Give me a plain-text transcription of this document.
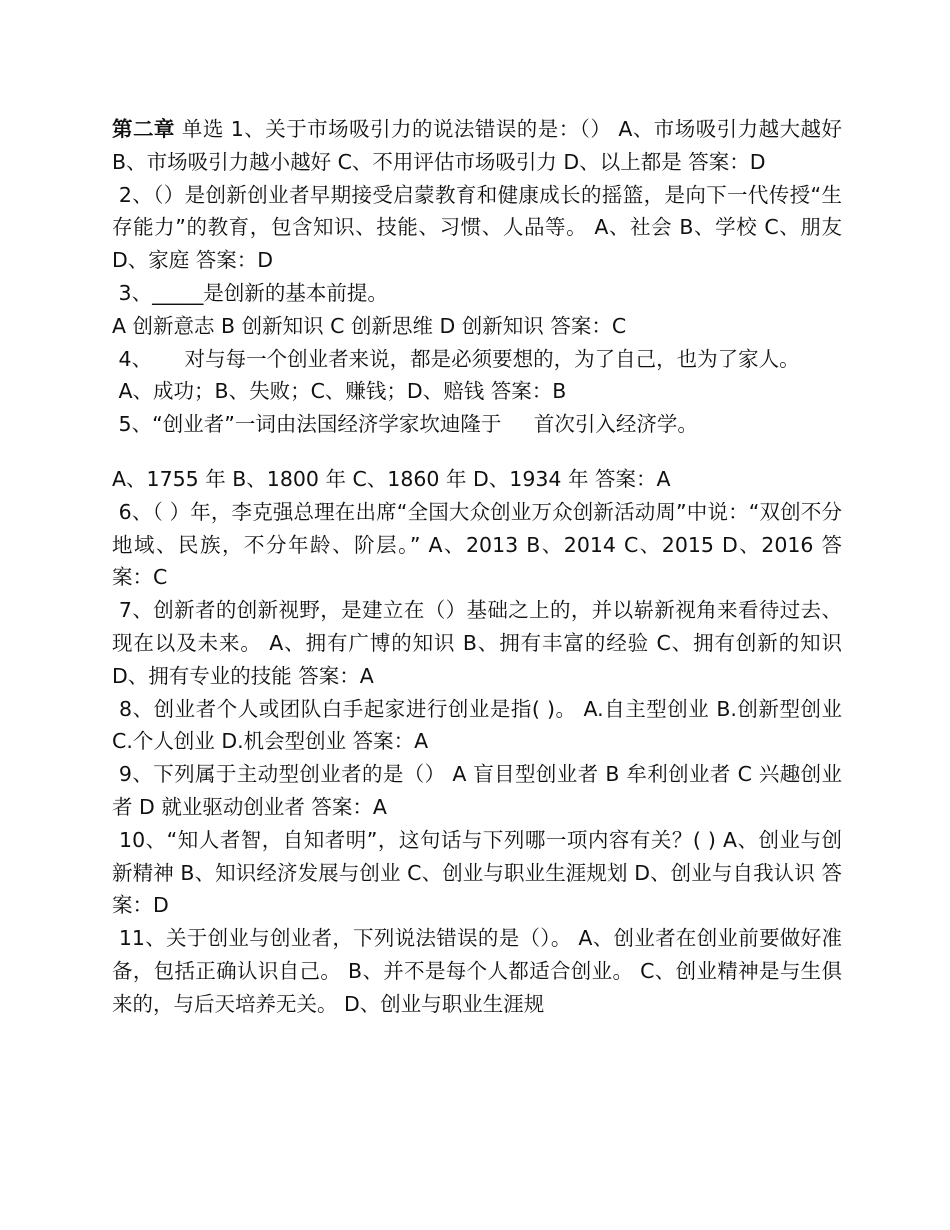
第二章 单选 1、关于市场吸引力的说法错误的是：（） A、市场吸引力越大越好 B、市场吸引力越小越好 C、不用评估市场吸引力 D、以上都是 答案：D

2、（）是创新创业者早期接受启蒙教育和健康成长的摇篮，是向下一代传授“生存能力”的教育，包含知识、技能、习惯、人品等。 A、社会 B、学校 C、朋友 D、家庭 答案：D

3、_____是创新的基本前提。

A 创新意志 B 创新知识 C 创新思维 D 创新知识 答案：C

4、     对与每一个创业者来说，都是必须要想的，为了自己，也为了家人。

A、成功；B、失败；C、赚钱；D、赔钱 答案：B

5、“创业者”一词由法国经济学家坎迪隆于     首次引入经济学。

A、1755 年 B、1800 年 C、1860 年 D、1934 年 答案：A

6、（ ）年，李克强总理在出席“全国大众创业万众创新活动周”中说：“双创不分地域、民族，不分年龄、阶层。” A、2013 B、2014 C、2015 D、2016 答案：C

7、创新者的创新视野，是建立在（）基础之上的，并以崭新视角来看待过去、现在以及未来。 A、拥有广博的知识 B、拥有丰富的经验 C、拥有创新的知识 D、拥有专业的技能 答案：A

8、创业者个人或团队白手起家进行创业是指( )。 A.自主型创业 B.创新型创业 C.个人创业 D.机会型创业 答案：A

9、下列属于主动型创业者的是（） A 盲目型创业者 B 牟利创业者 C 兴趣创业者 D 就业驱动创业者 答案：A

10、“知人者智，自知者明”，这句话与下列哪一项内容有关？( ) A、创业与创新精神 B、知识经济发展与创业 C、创业与职业生涯规划 D、创业与自我认识 答案：D

11、关于创业与创业者，下列说法错误的是（）。 A、创业者在创业前要做好准备，包括正确认识自己。 B、并不是每个人都适合创业。 C、创业精神是与生俱来的，与后天培养无关。 D、创业与职业生涯规
